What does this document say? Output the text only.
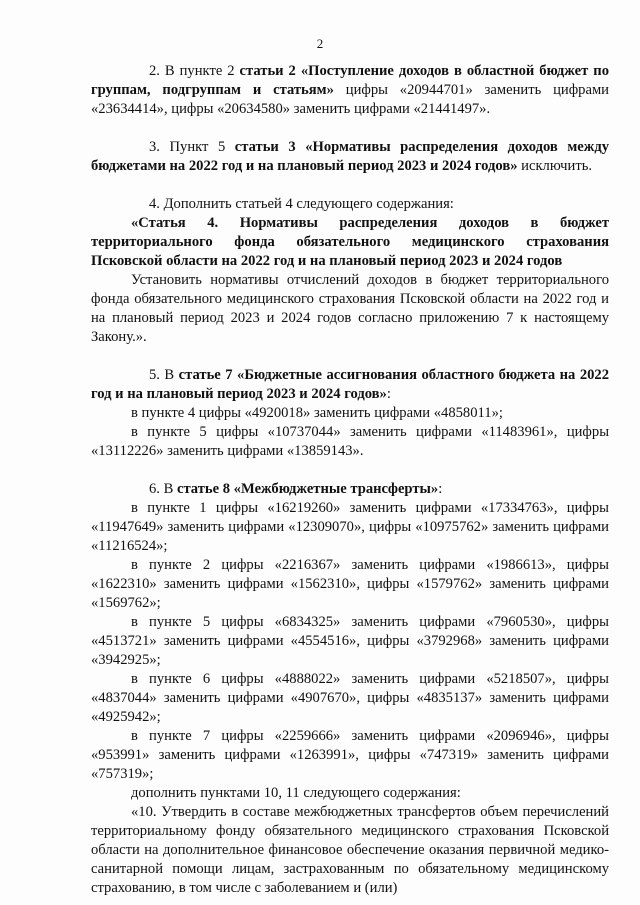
2

2. В пункте 2 статьи 2 «Поступление доходов в областной бюджет по группам, подгруппам и статьям» цифры «20944701» заменить цифрами «23634414», цифры «20634580» заменить цифрами «21441497».

3. Пункт 5 статьи 3 «Нормативы распределения доходов между бюджетами на 2022 год и на плановый период 2023 и 2024 годов» исключить.

4. Дополнить статьей 4 следующего содержания:

«Статья 4. Нормативы распределения доходов в бюджет территориального фонда обязательного медицинского страхования Псковской области на 2022 год и на плановый период 2023 и 2024 годов

Установить нормативы отчислений доходов в бюджет территориального фонда обязательного медицинского страхования Псковской области на 2022 год и на плановый период 2023 и 2024 годов согласно приложению 7 к настоящему Закону.».

5. В статье 7 «Бюджетные ассигнования областного бюджета на 2022 год и на плановый период 2023 и 2024 годов»:

в пункте 4 цифры «4920018» заменить цифрами «4858011»;

в пункте 5 цифры «10737044» заменить цифрами «11483961», цифры «13112226» заменить цифрами «13859143».

6. В статье 8 «Межбюджетные трансферты»:

в пункте 1 цифры «16219260» заменить цифрами «17334763», цифры «11947649» заменить цифрами «12309070», цифры «10975762» заменить цифрами «11216524»;

в пункте 2 цифры «2216367» заменить цифрами «1986613», цифры «1622310» заменить цифрами «1562310», цифры «1579762» заменить цифрами «1569762»;

в пункте 5 цифры «6834325» заменить цифрами «7960530», цифры «4513721» заменить цифрами «4554516», цифры «3792968» заменить цифрами «3942925»;

в пункте 6 цифры «4888022» заменить цифрами «5218507», цифры «4837044» заменить цифрами «4907670», цифры «4835137» заменить цифрами «4925942»;

в пункте 7 цифры «2259666» заменить цифрами «2096946», цифры «953991» заменить цифрами «1263991», цифры «747319» заменить цифрами «757319»;

дополнить пунктами 10, 11 следующего содержания:

«10. Утвердить в составе межбюджетных трансфертов объем перечислений территориальному фонду обязательного медицинского страхования Псковской области на дополнительное финансовое обеспечение оказания первичной медико-санитарной помощи лицам, застрахованным по обязательному медицинскому страхованию, в том числе с заболеванием и (или)
